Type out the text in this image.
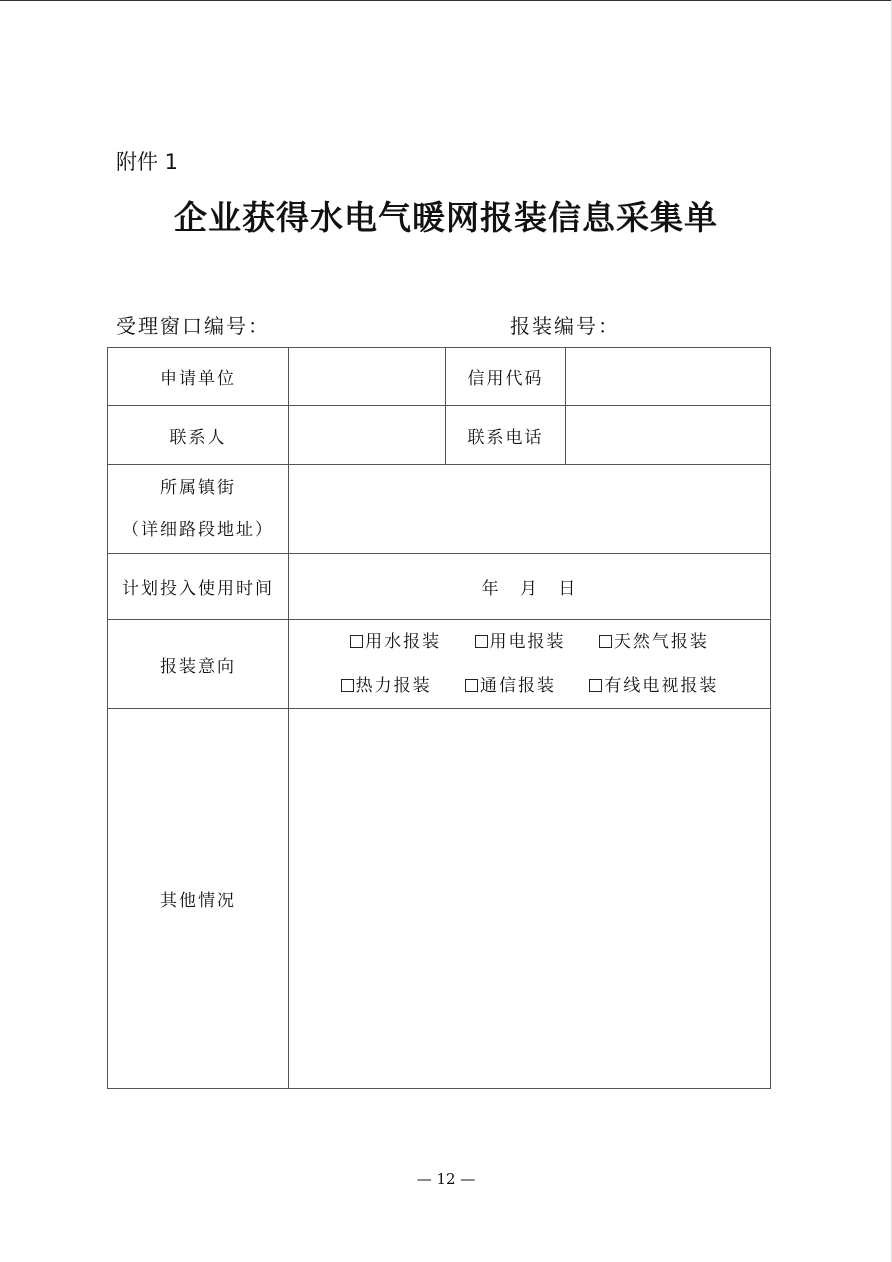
附件 1
企业获得水电气暖网报装信息采集单
受理窗口编号：	报装编号：
申请单位		信用代码	
联系人		联系电话	

所属镇街
（详细路段地址）			

计划投入使用时间	年 月 日		
报装意向	用水报装 用电报装 天然气报装
热力报装 通信报装 有线电视报装		

其他情况			
— 12 —
